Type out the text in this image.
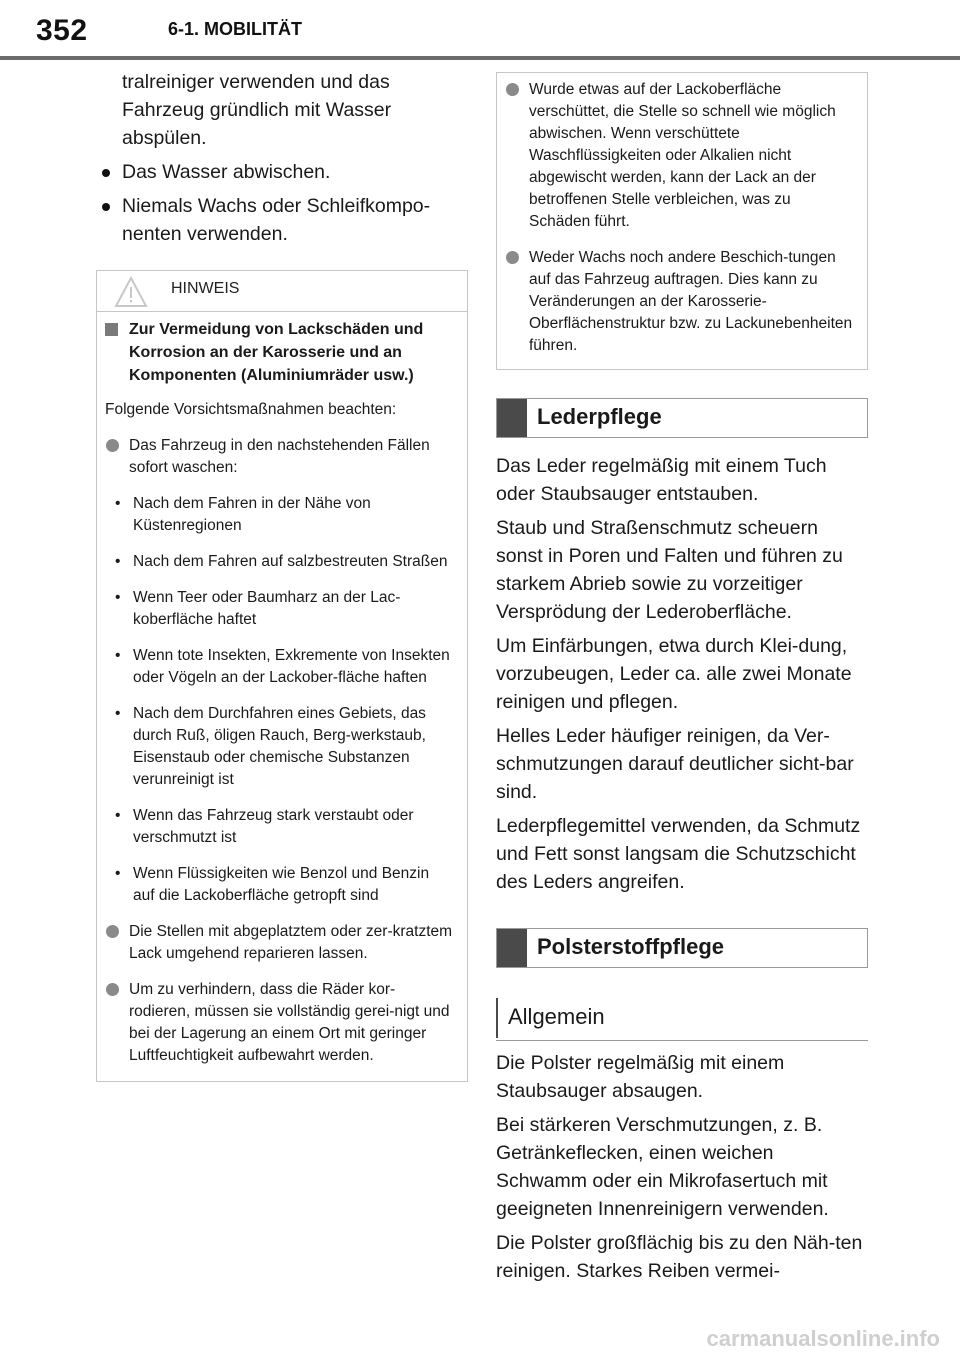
352	6-1. MOBILITÄT

tralreiniger verwenden und das Fahrzeug gründlich mit Wasser abspülen.

Das Wasser abwischen.
Niemals Wachs oder Schleifkompo-nenten verwenden.
HINWEIS
Zur Vermeidung von Lackschäden und Korrosion an der Karosserie und an Komponenten (Aluminiumräder usw.)
Folgende Vorsichtsmaßnahmen beachten:
Das Fahrzeug in den nachstehenden Fällen sofort waschen:
• Nach dem Fahren in der Nähe von Küstenregionen
• Nach dem Fahren auf salzbestreuten Straßen
• Wenn Teer oder Baumharz an der Lac-koberfläche haftet
• Wenn tote Insekten, Exkremente von Insekten oder Vögeln an der Lackober-fläche haften
• Nach dem Durchfahren eines Gebiets, das durch Ruß, öligen Rauch, Berg-werkstaub, Eisenstaub oder chemische Substanzen verunreinigt ist
• Wenn das Fahrzeug stark verstaubt oder verschmutzt ist
• Wenn Flüssigkeiten wie Benzol und Benzin auf die Lackoberfläche getropft sind
Die Stellen mit abgeplatztem oder zer-kratztem Lack umgehend reparieren lassen.
Um zu verhindern, dass die Räder kor-rodieren, müssen sie vollständig gerei-nigt und bei der Lagerung an einem Ort mit geringer Luftfeuchtigkeit aufbewahrt werden.
Wurde etwas auf der Lackoberfläche verschüttet, die Stelle so schnell wie möglich abwischen. Wenn verschüttete Waschflüssigkeiten oder Alkalien nicht abgewischt werden, kann der Lack an der betroffenen Stelle verbleichen, was zu Schäden führt.
Weder Wachs noch andere Beschich-tungen auf das Fahrzeug auftragen. Dies kann zu Veränderungen an der Karosserie-Oberflächenstruktur bzw. zu Lackunebenheiten führen.
Lederpflege
Das Leder regelmäßig mit einem Tuch oder Staubsauger entstauben.
Staub und Straßenschmutz scheuern sonst in Poren und Falten und führen zu starkem Abrieb sowie zu vorzeitiger Versprödung der Lederoberfläche.
Um Einfärbungen, etwa durch Klei-dung, vorzubeugen, Leder ca. alle zwei Monate reinigen und pflegen.
Helles Leder häufiger reinigen, da Ver-schmutzungen darauf deutlicher sicht-bar sind.
Lederpflegemittel verwenden, da Schmutz und Fett sonst langsam die Schutzschicht des Leders angreifen.
Polsterstoffpflege
Allgemein
Die Polster regelmäßig mit einem Staubsauger absaugen.
Bei stärkeren Verschmutzungen, z. B. Getränkeflecken, einen weichen Schwamm oder ein Mikrofasertuch mit geeigneten Innenreinigern verwenden.
Die Polster großflächig bis zu den Näh-ten reinigen. Starkes Reiben vermei-
carmanualsonline.info
